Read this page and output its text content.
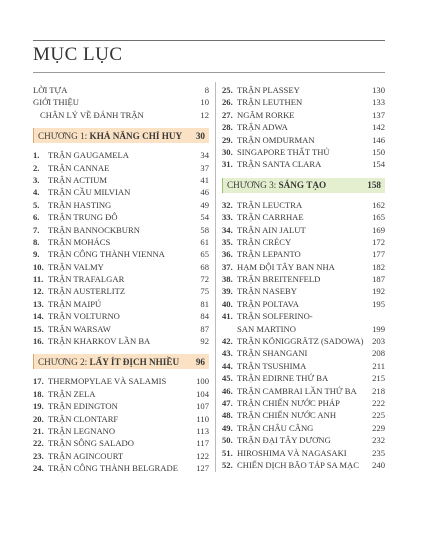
MỤC LỤC
LỜI TỰA	8
GIỚI THIỆU	10
CHÂN LÝ VỀ ĐÁNH TRẬN	12
CHƯƠNG 1: KHẢ NĂNG CHỈ HUY	30
1. TRẬN GAUGAMELA	34
2. TRẬN CANNAE	37
3. TRẬN ACTIUM	41
4. TRẬN CẦU MILVIAN	46
5. TRẬN HASTING	49
6. TRẬN TRUNG ĐÔ	54
7. TRẬN BANNOCKBURN	58
8. TRẬN MOHÁCS	61
9. TRẬN CÔNG THÀNH VIENNA	65
10. TRẬN VALMY	68
11. TRẬN TRAFALGAR	72
12. TRẬN AUSTERLITZ	75
13. TRẬN MAIPÚ	81
14. TRẬN VOLTURNO	84
15. TRẬN WARSAW	87
16. TRẬN KHARKOV LẦN BA	92
CHƯƠNG 2: LẤY ÍT ĐỊCH NHIỀU	96
17. THERMOPYLAE VÀ SALAMIS	100
18. TRẬN ZELA	104
19. TRẬN EDINGTON	107
20. TRẬN CLONTARF	110
21. TRẬN LEGNANO	113
22. TRẬN SÔNG SALADO	117
23. TRẬN AGINCOURT	122
24. TRẬN CÔNG THÀNH BELGRADE	127
25. TRẬN PLASSEY	130
26. TRẬN LEUTHEN	133
27. NGÃM RORKE	137
28. TRẬN ADWA	142
29. TRẬN OMDURMAN	146
30. SINGAPORE THẤT THỦ	150
31. TRẬN SANTA CLARA	154
CHƯƠNG 3: SÁNG TẠO	158
32. TRẬN LEUCTRA	162
33. TRẬN CARRHAE	165
34. TRẬN AIN JALUT	169
35. TRẬN CRÉCY	172
36. TRẬN LEPANTO	177
37. HẠM ĐỘI TÂY BAN NHA	182
38. TRẬN BREITENFELD	187
39. TRẬN NASEBY	192
40. TRẬN POLTAVA	195
41. TRẬN SOLFERINO-
SAN MARTINO	199
42. TRẬN KÖNIGGRÄTZ (SADOWA) 203
43. TRẬN SHANGANI	208
44. TRẬN TSUSHIMA	211
45. TRẬN EDIRNE THỨ BA	215
46. TRẬN CAMBRAI LẦN THỨ BA	218
47. TRẬN CHIẾN NƯỚC PHÁP	222
48. TRẬN CHIẾN NƯỚC ANH	225
49. TRẬN CHÂU CÂNG	229
50. TRẬN ĐẠI TÂY DƯƠNG	232
51. HIROSHIMA VÀ NAGASAKI	235
52. CHIẾN DỊCH BÃO TÁP SA MẠC	240
